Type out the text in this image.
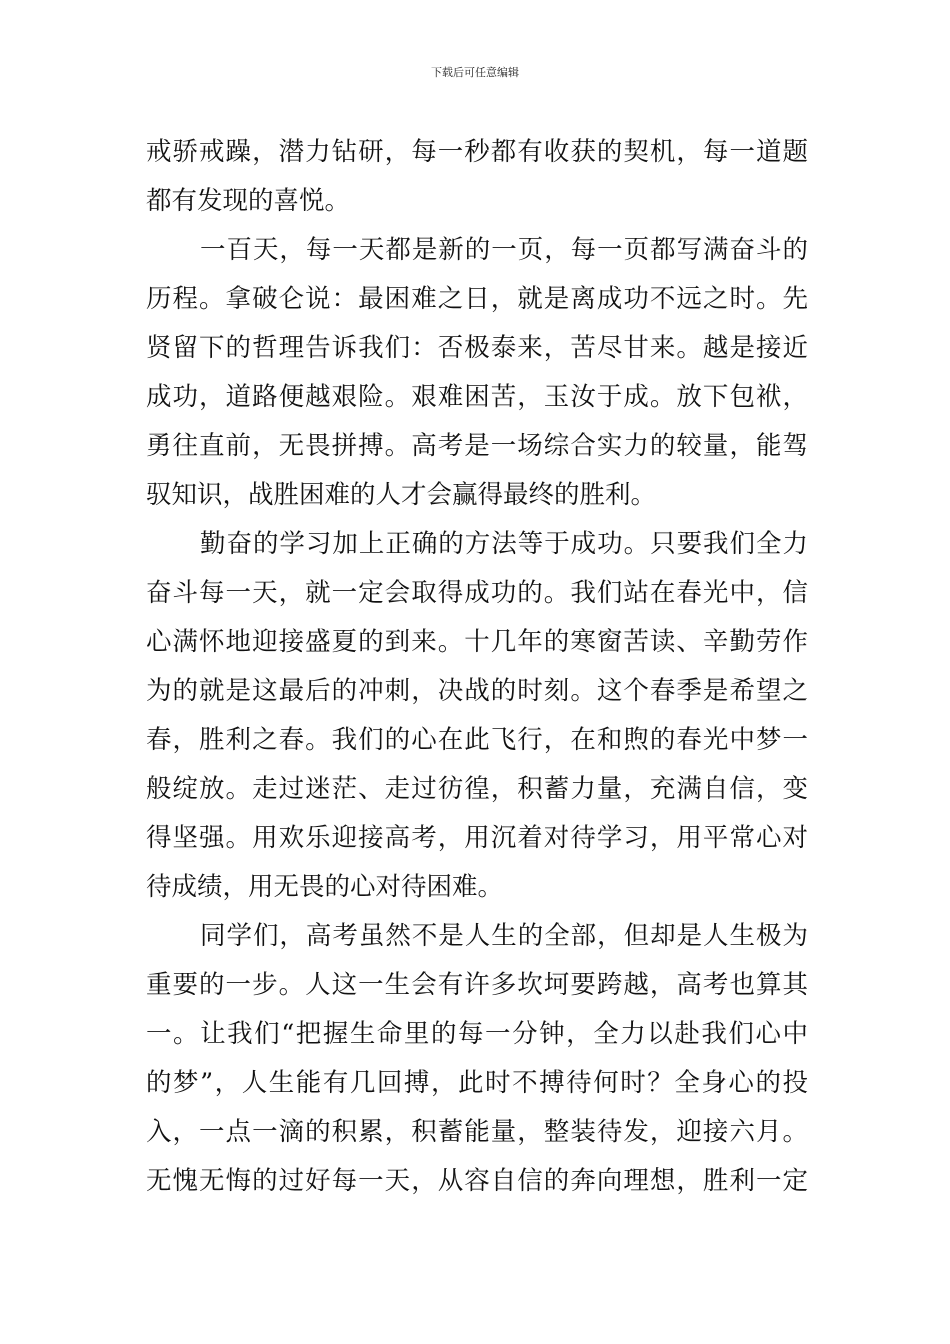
下载后可任意编辑
戒骄戒躁，潜力钻研，每一秒都有收获的契机，每一道题
都有发现的喜悦。
一百天，每一天都是新的一页，每一页都写满奋斗的
历程。拿破仑说：最困难之日，就是离成功不远之时。先
贤留下的哲理告诉我们：否极泰来，苦尽甘来。越是接近
成功，道路便越艰险。艰难困苦，玉汝于成。放下包袱，
勇往直前，无畏拼搏。高考是一场综合实力的较量，能驾
驭知识，战胜困难的人才会赢得最终的胜利。
勤奋的学习加上正确的方法等于成功。只要我们全力
奋斗每一天，就一定会取得成功的。我们站在春光中，信
心满怀地迎接盛夏的到来。十几年的寒窗苦读、辛勤劳作
为的就是这最后的冲刺，决战的时刻。这个春季是希望之
春，胜利之春。我们的心在此飞行，在和煦的春光中梦一
般绽放。走过迷茫、走过彷徨，积蓄力量，充满自信，变
得坚强。用欢乐迎接高考，用沉着对待学习，用平常心对
待成绩，用无畏的心对待困难。
同学们，高考虽然不是人生的全部，但却是人生极为
重要的一步。人这一生会有许多坎坷要跨越，高考也算其
一。让我们“把握生命里的每一分钟，全力以赴我们心中
的梦”，人生能有几回搏，此时不搏待何时？全身心的投
入，一点一滴的积累，积蓄能量，整装待发，迎接六月。
无愧无悔的过好每一天，从容自信的奔向理想，胜利一定
